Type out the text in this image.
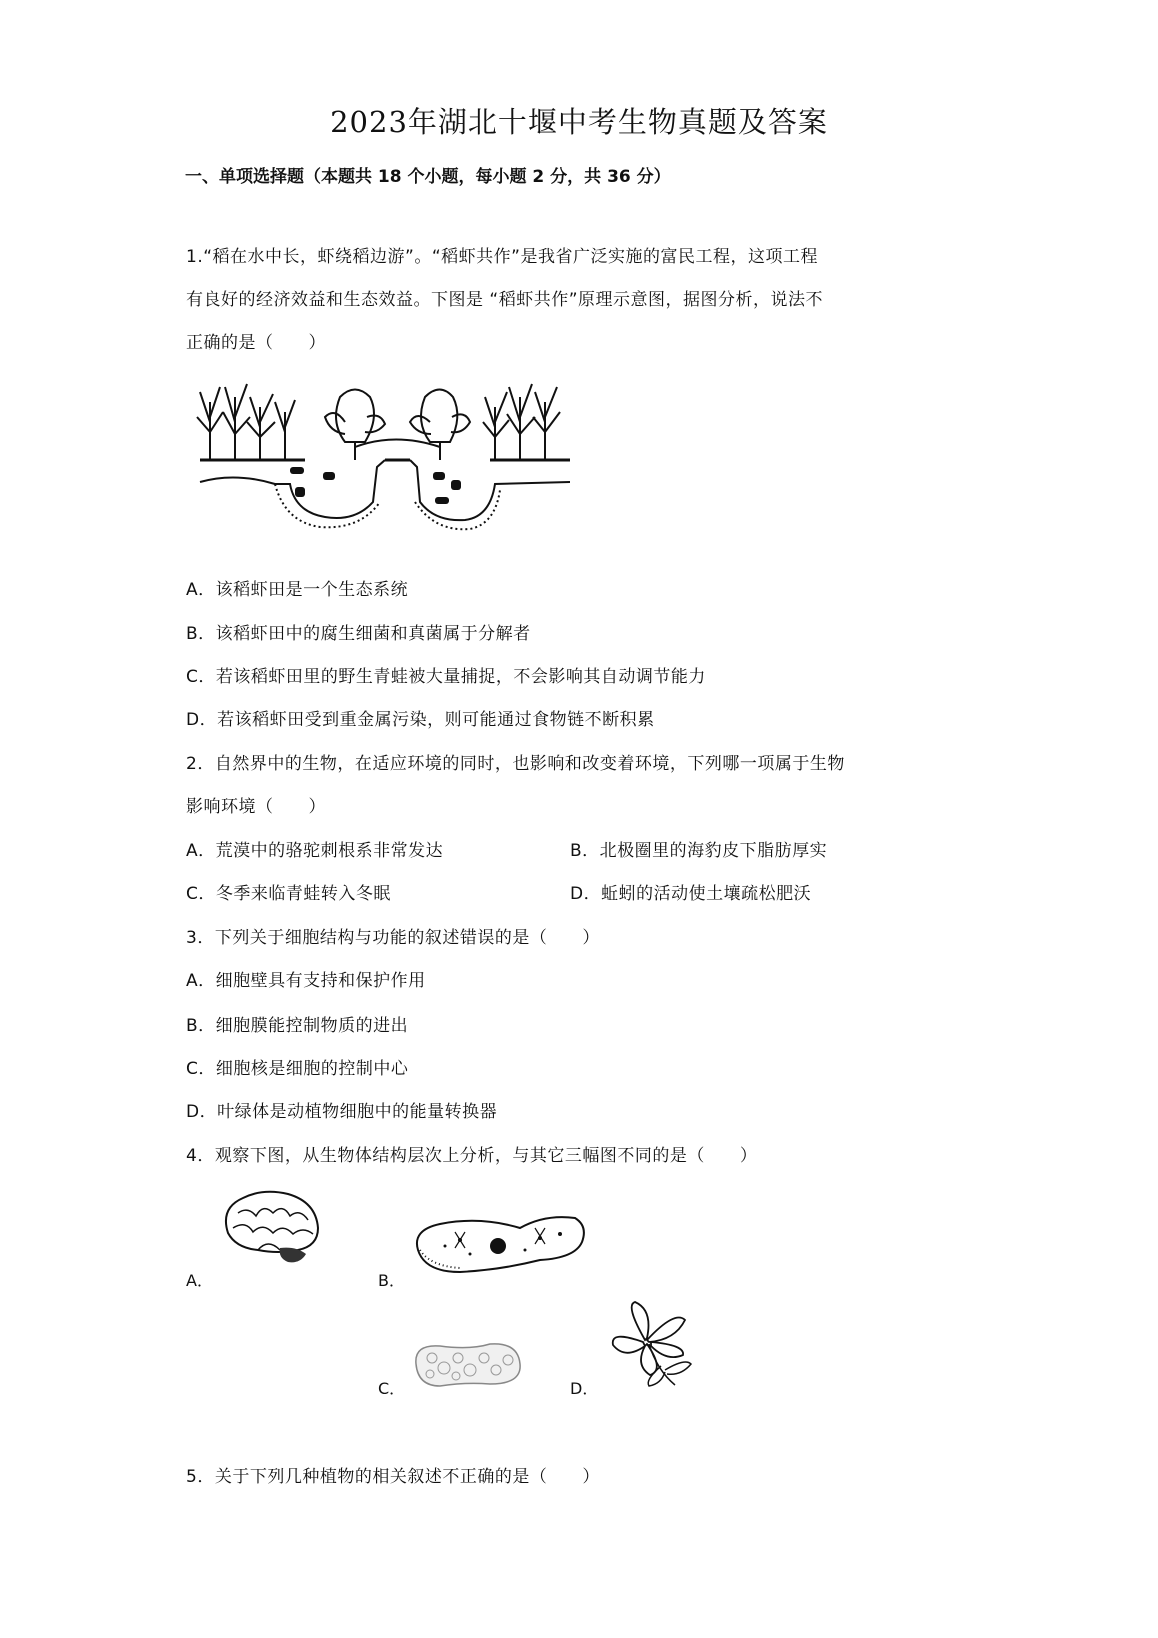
2023年湖北十堰中考生物真题及答案
一、单项选择题（本题共 18 个小题，每小题 2 分，共 36 分）
1.“稻在水中长，虾绕稻边游”。“稻虾共作”是我省广泛实施的富民工程，这项工程
有良好的经济效益和生态效益。下图是 “稻虾共作”原理示意图，据图分析，说法不
正确的是（　　）
A．该稻虾田是一个生态系统
B．该稻虾田中的腐生细菌和真菌属于分解者
C．若该稻虾田里的野生青蛙被大量捕捉，不会影响其自动调节能力
D．若该稻虾田受到重金属污染，则可能通过食物链不断积累
2．自然界中的生物，在适应环境的同时，也影响和改变着环境，下列哪一项属于生物
影响环境（　　）
A．荒漠中的骆驼刺根系非常发达	B．北极圈里的海豹皮下脂肪厚实
C．冬季来临青蛙转入冬眠	D．蚯蚓的活动使土壤疏松肥沃
3．下列关于细胞结构与功能的叙述错误的是（　　）
A．细胞壁具有支持和保护作用
B．细胞膜能控制物质的进出
C．细胞核是细胞的控制中心
D．叶绿体是动植物细胞中的能量转换器
4．观察下图，从生物体结构层次上分析，与其它三幅图不同的是（　　）
A．	B．
C．	D．
5．关于下列几种植物的相关叙述不正确的是（　　）
